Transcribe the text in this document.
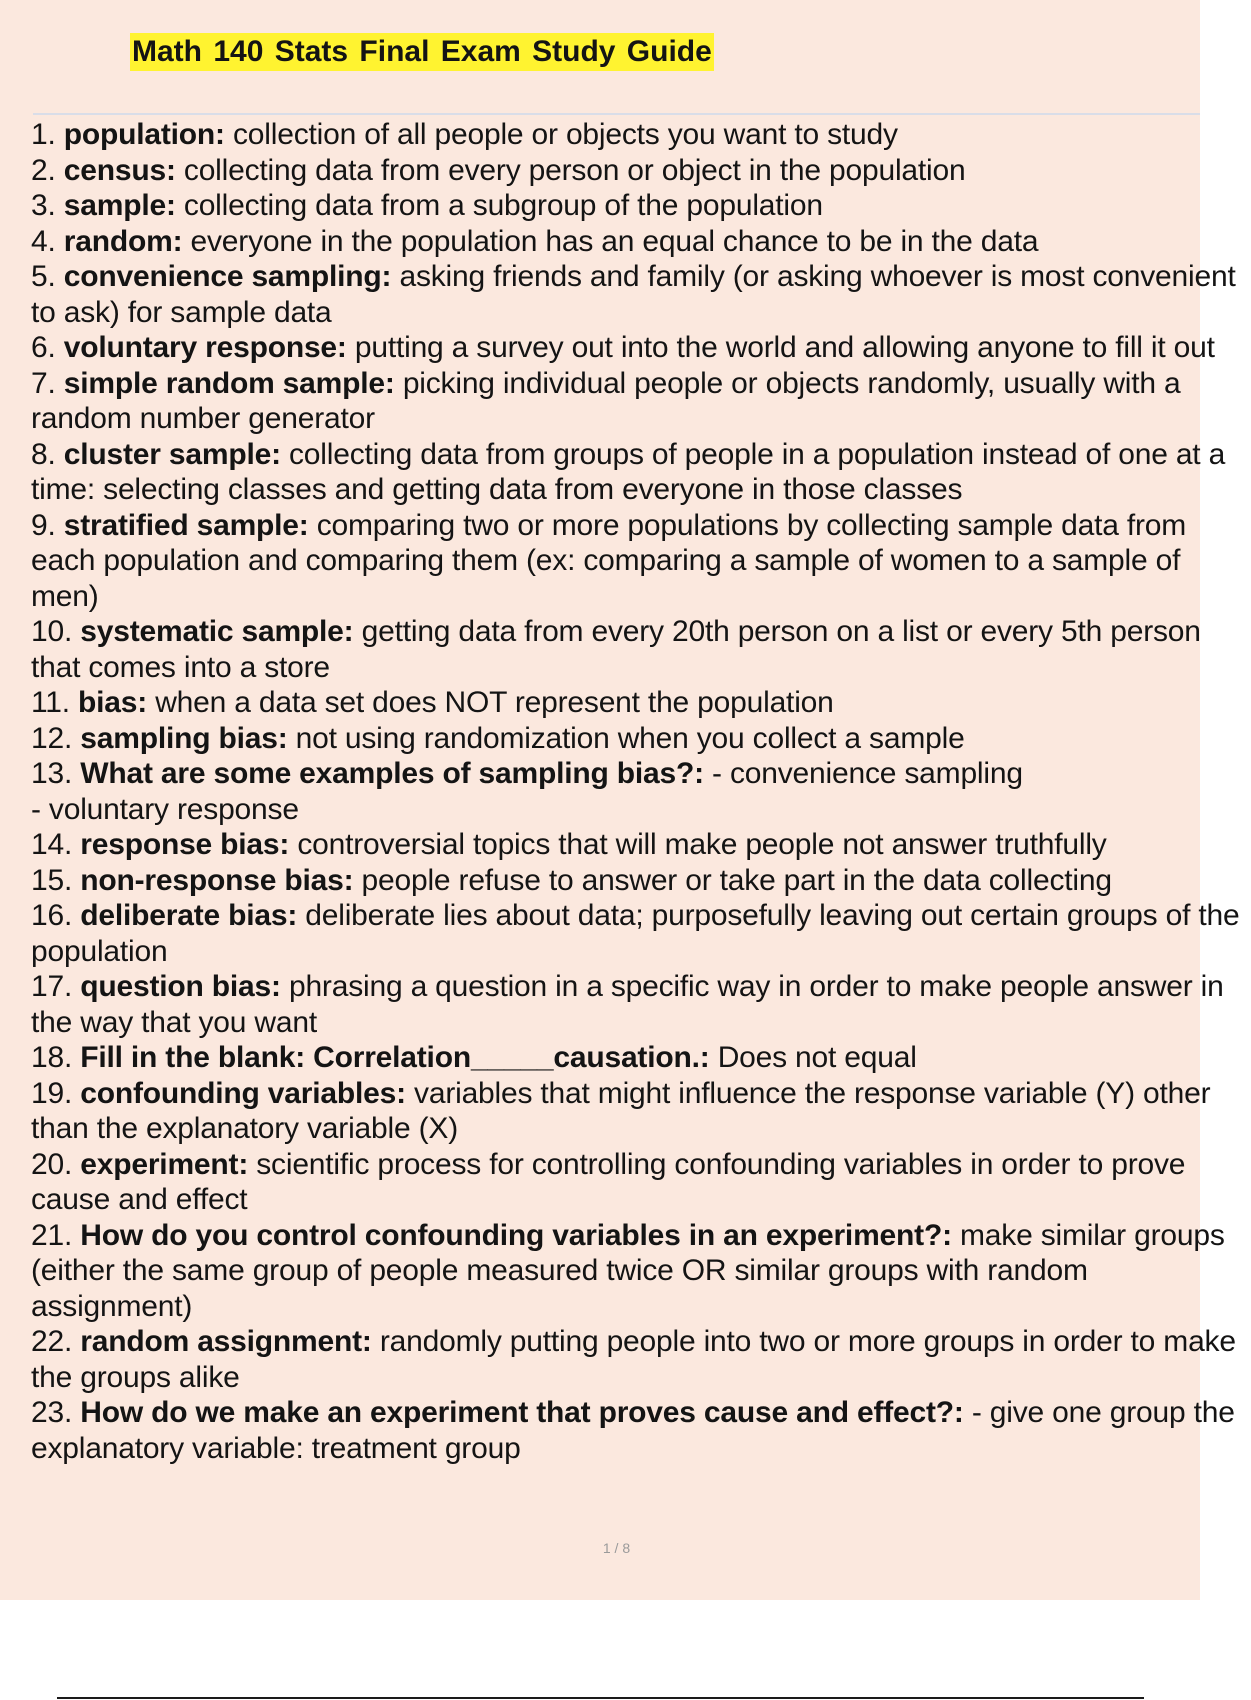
Math 140 Stats Final Exam Study Guide
1. population: collection of all people or objects you want to study
2. census: collecting data from every person or object in the population
3. sample: collecting data from a subgroup of the population
4. random: everyone in the population has an equal chance to be in the data
5. convenience sampling: asking friends and family (or asking whoever is most convenient to ask) for sample data
6. voluntary response: putting a survey out into the world and allowing anyone to fill it out
7. simple random sample: picking individual people or objects randomly, usually with a random number generator
8. cluster sample: collecting data from groups of people in a population instead of one at a time: selecting classes and getting data from everyone in those classes
9. stratified sample: comparing two or more populations by collecting sample data from each population and comparing them (ex: comparing a sample of women to a sample of men)
10. systematic sample: getting data from every 20th person on a list or every 5th person that comes into a store
11. bias: when a data set does NOT represent the population
12. sampling bias: not using randomization when you collect a sample
13. What are some examples of sampling bias?: - convenience sampling
- voluntary response
14. response bias: controversial topics that will make people not answer truthfully
15. non-response bias: people refuse to answer or take part in the data collecting
16. deliberate bias: deliberate lies about data; purposefully leaving out certain groups of the population
17. question bias: phrasing a question in a specific way in order to make people answer in the way that you want
18. Fill in the blank: Correlation_____causation.: Does not equal
19. confounding variables: variables that might influence the response variable (Y) other than the explanatory variable (X)
20. experiment: scientific process for controlling confounding variables in order to prove cause and effect
21. How do you control confounding variables in an experiment?: make similar groups (either the same group of people measured twice OR similar groups with random assignment)
22. random assignment: randomly putting people into two or more groups in order to make the groups alike
23. How do we make an experiment that proves cause and effect?: - give one group the explanatory variable: treatment group
1 / 8
